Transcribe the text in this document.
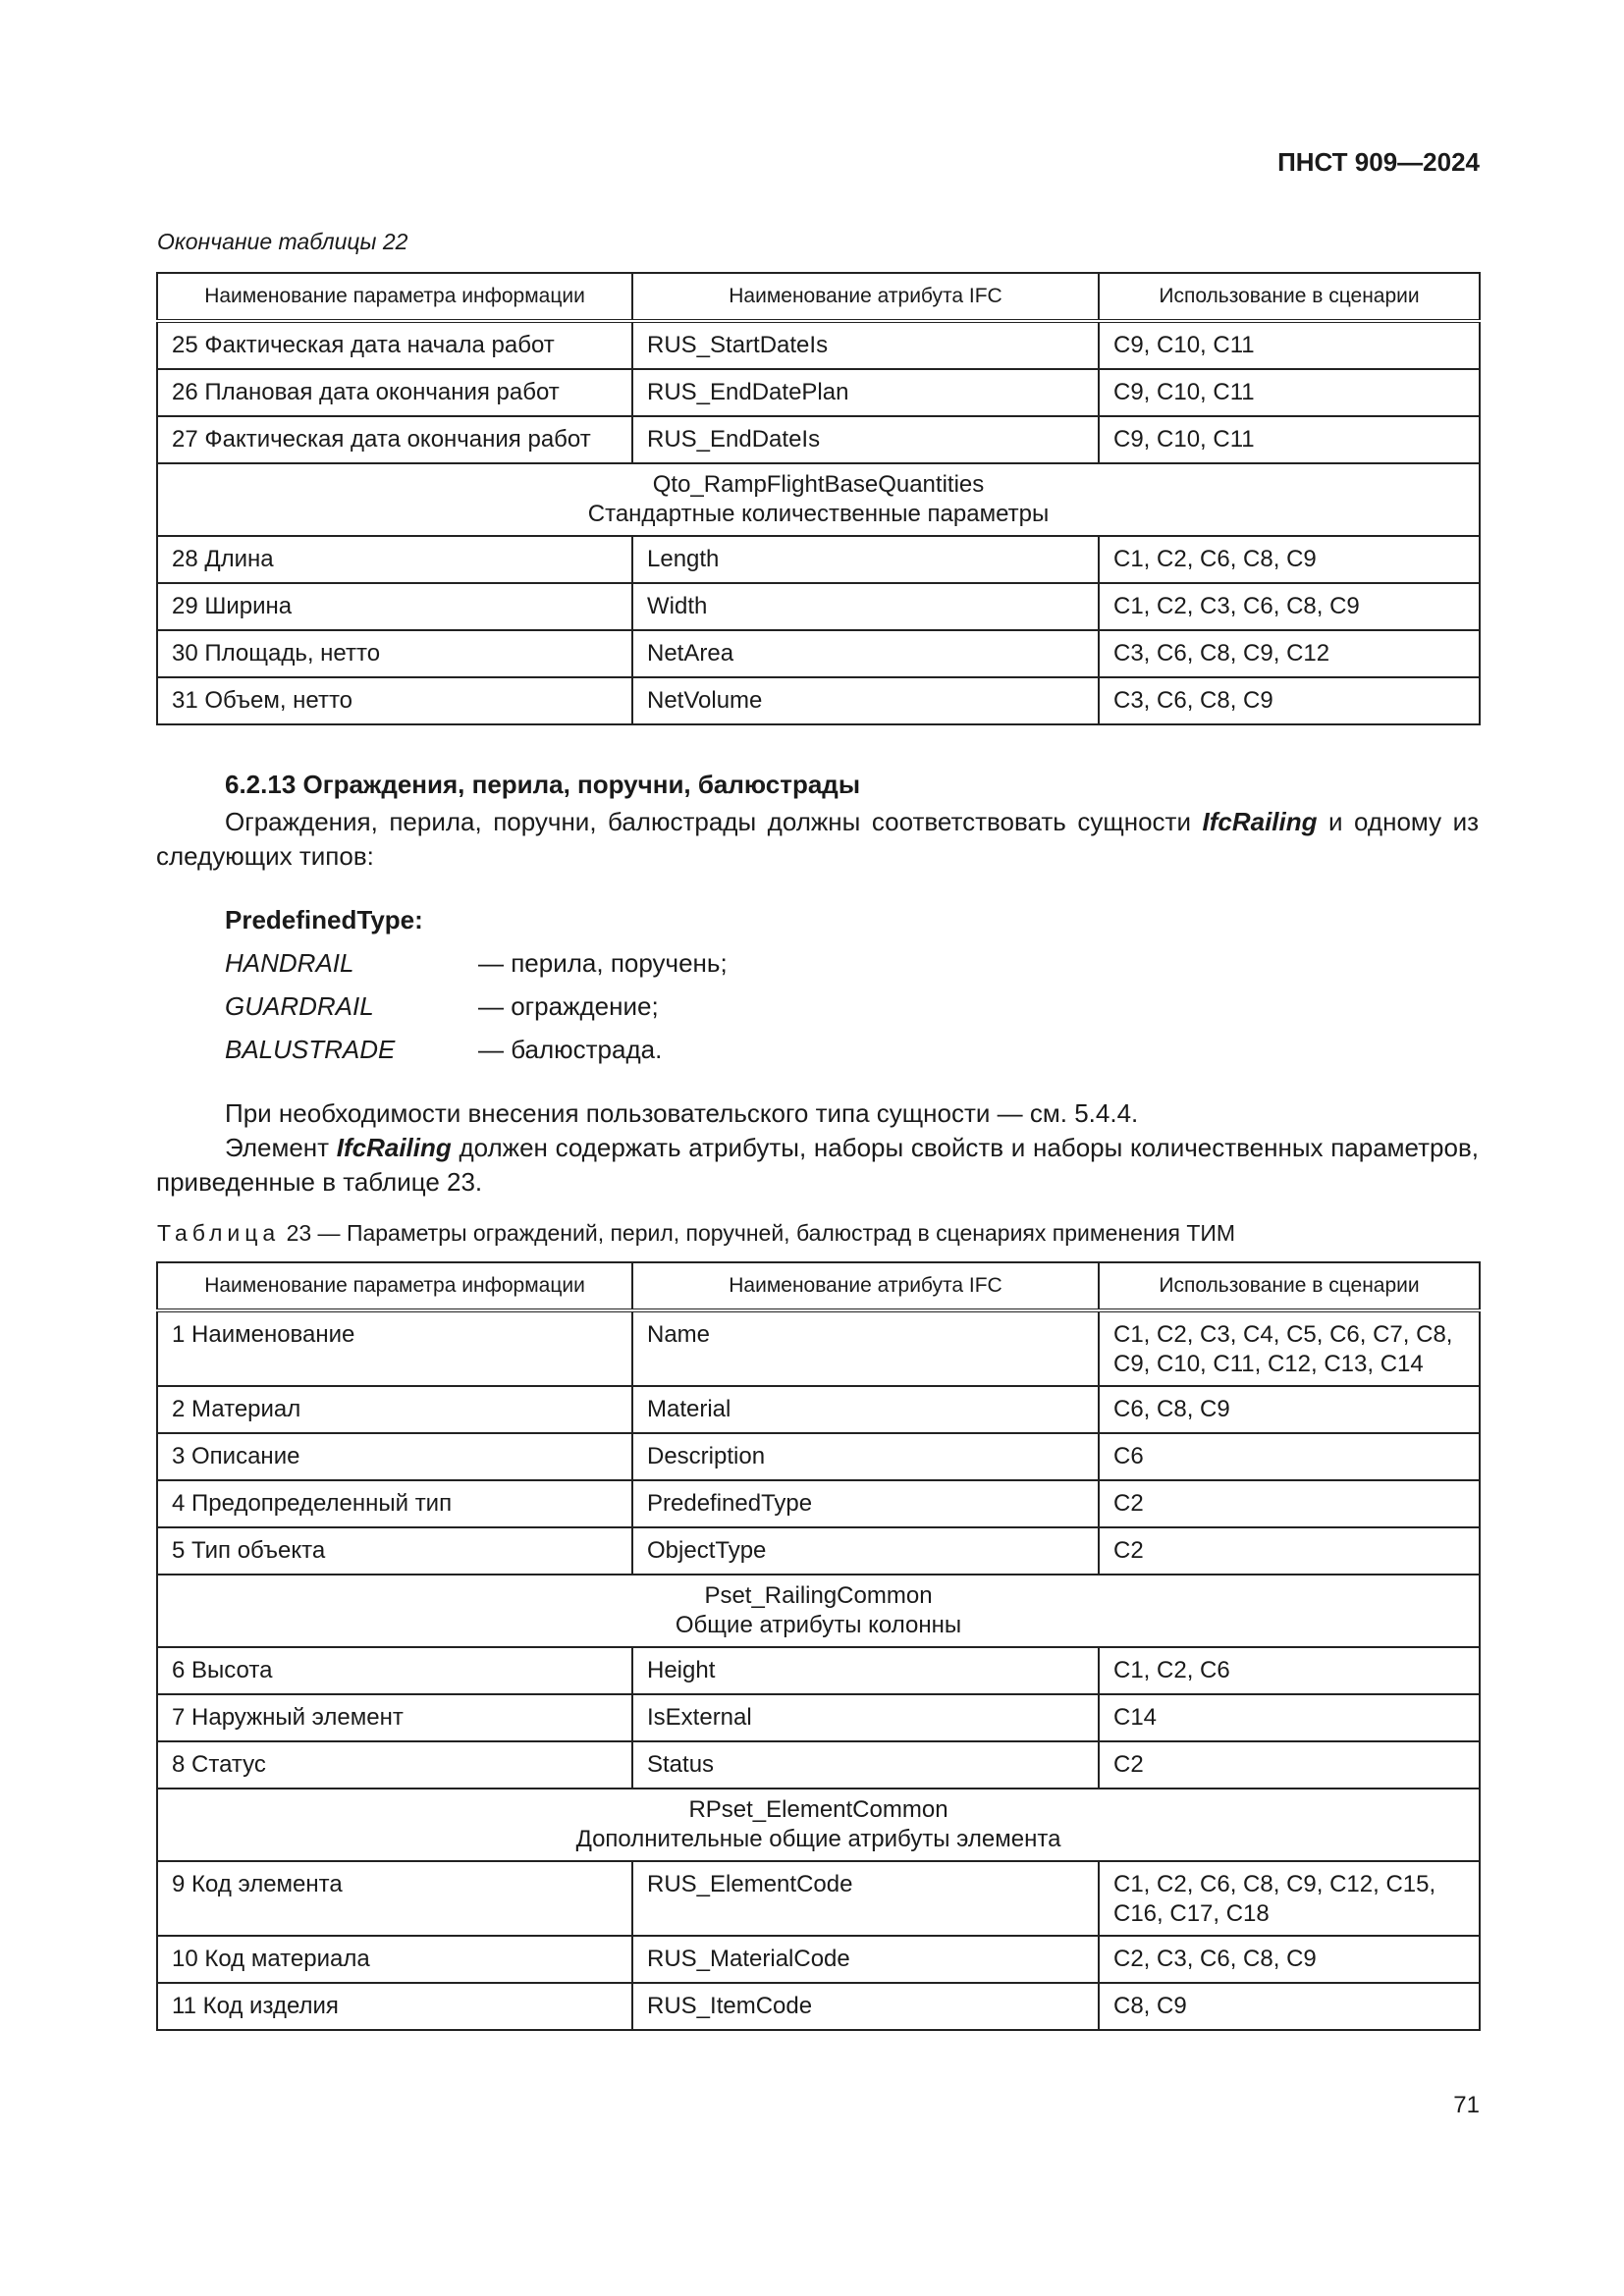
ПНСТ 909—2024
Окончание таблицы 22
Наименование параметра информации	Наименование атрибута IFC	Использование в сценарии
25 Фактическая дата начала работ	RUS_StartDateIs	C9, C10, C11
26 Плановая дата окончания работ	RUS_EndDatePlan	C9, C10, C11
27 Фактическая дата окончания работ	RUS_EndDateIs	C9, C10, C11

Qto_RampFlightBaseQuantities
Стандартные количественные параметры		

28 Длина	Length	C1, C2, C6, C8, C9
29 Ширина	Width	C1, C2, C3, C6, C8, C9
30 Площадь, нетто	NetArea	C3, C6, C8, C9, C12
31 Объем, нетто	NetVolume	C3, C6, C8, C9
6.2.13 Ограждения, перила, поручни, балюстрады
Ограждения, перила, поручни, балюстрады должны соответствовать сущности IfcRailing и одному из следующих типов:
PredefinedType:
HANDRAIL	— перила, поручень;
GUARDRAIL	— ограждение;
BALUSTRADE	— балюстрада.
При необходимости внесения пользовательского типа сущности — см. 5.4.4.
Элемент IfcRailing должен содержать атрибуты, наборы свойств и наборы количественных параметров, приведенные в таблице 23.
Таблица 23 — Параметры ограждений, перил, поручней, балюстрад в сценариях применения ТИМ
Наименование параметра информации	Наименование атрибута IFC	Использование в сценарии
1 Наименование	Name	C1, C2, C3, C4, C5, C6, C7, C8, C9, C10, C11, C12, C13, C14
2 Материал	Material	C6, C8, C9
3 Описание	Description	C6
4 Предопределенный тип	PredefinedType	C2
5 Тип объекта	ObjectType	C2

Pset_RailingCommon
Общие атрибуты колонны		

6 Высота	Height	C1, C2, C6
7 Наружный элемент	IsExternal	C14
8 Статус	Status	C2

RPset_ElementCommon
Дополнительные общие атрибуты элемента		

9 Код элемента	RUS_ElementCode	C1, C2, C6, C8, C9, C12, C15, C16, C17, C18
10 Код материала	RUS_MaterialCode	C2, C3, C6, C8, C9
11 Код изделия	RUS_ItemCode	C8, C9
71
